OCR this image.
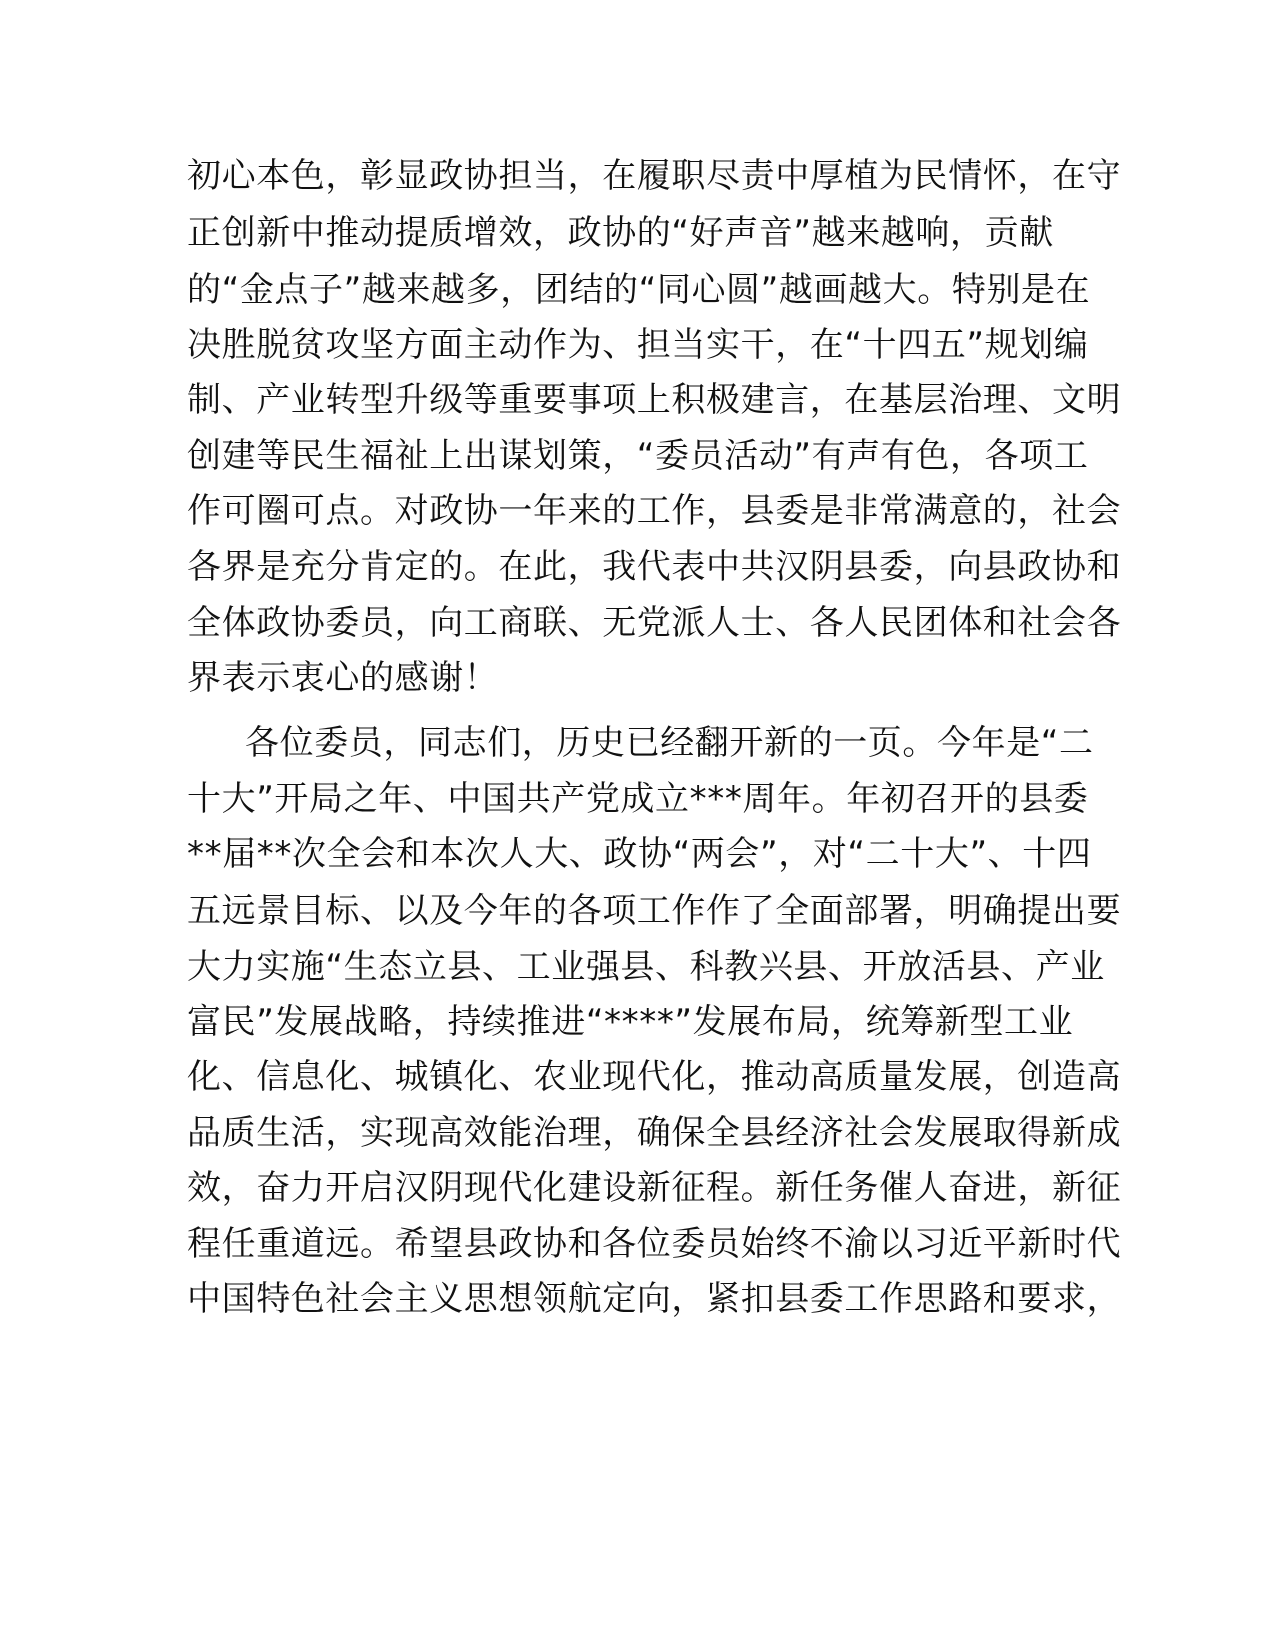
初心本色，彰显政协担当，在履职尽责中厚植为民情怀，在守
正创新中推动提质增效，政协的“好声音”越来越响，贡献
的“金点子”越来越多，团结的“同心圆”越画越大。特别是在
决胜脱贫攻坚方面主动作为、担当实干，在“十四五”规划编
制、产业转型升级等重要事项上积极建言，在基层治理、文明
创建等民生福祉上出谋划策，“委员活动”有声有色，各项工
作可圈可点。对政协一年来的工作，县委是非常满意的，社会
各界是充分肯定的。在此，我代表中共汉阴县委，向县政协和
全体政协委员，向工商联、无党派人士、各人民团体和社会各
界表示衷心的感谢！
各位委员，同志们，历史已经翻开新的一页。今年是“二
十大”开局之年、中国共产党成立***周年。年初召开的县委
**届**次全会和本次人大、政协“两会”，对“二十大”、十四
五远景目标、以及今年的各项工作作了全面部署，明确提出要
大力实施“生态立县、工业强县、科教兴县、开放活县、产业
富民”发展战略，持续推进“****”发展布局，统筹新型工业
化、信息化、城镇化、农业现代化，推动高质量发展，创造高
品质生活，实现高效能治理，确保全县经济社会发展取得新成
效，奋力开启汉阴现代化建设新征程。新任务催人奋进，新征
程任重道远。希望县政协和各位委员始终不渝以习近平新时代
中国特色社会主义思想领航定向，紧扣县委工作思路和要求，
